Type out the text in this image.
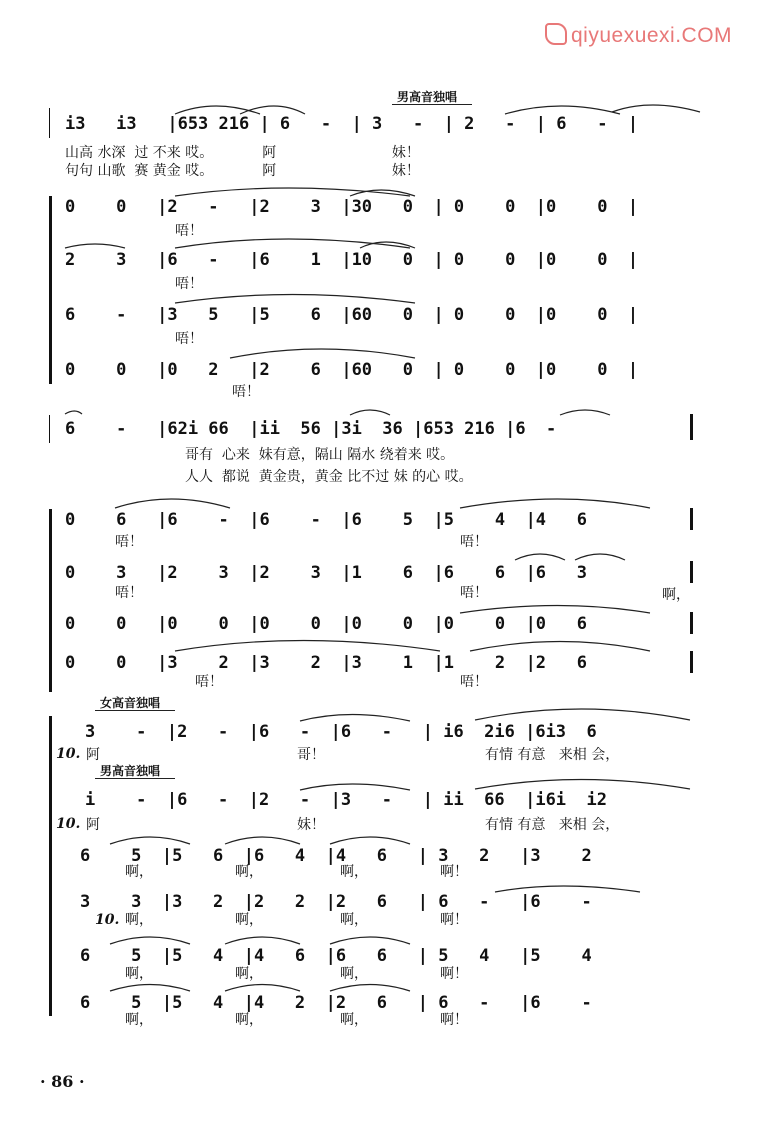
qiyuexuexi.COM
男高音独唱
i3   i3   |653 216 | 6   -  | 3   -  | 2   -  | 6   -  |
山高 水深  过 不来 哎。           阿                          妹！
句句 山歌  赛 黄金 哎。           阿                          妹！
0    0   |2   -   |2    3  |30   0  | 0    0  |0    0  |
唔！
2    3   |6   -   |6    1  |10   0  | 0    0  |0    0  |
唔！
6    -   |3   5   |5    6  |60   0  | 0    0  |0    0  |
唔！
0    0   |0   2   |2    6  |60   0  | 0    0  |0    0  |
唔！
6    -   |62i 66  |ii  56 |3i  36 |653 216 |6  -
哥有  心来  妹有意，隔山 隔水 绕着来 哎。
人人  都说  黄金贵，黄金 比不过 妹 的心 哎。
0    6   |6    -  |6    -  |6    5  |5    4  |4   6
唔！	唔！
0    3   |2    3  |2    3  |1    6  |6    6  |6   3
唔！	唔！	啊，
0    0   |0    0  |0    0  |0    0  |0    0  |0   6
0    0   |3    2  |3    2  |3    1  |1    2  |2   6
唔！	唔！
女高音独唱
3    -  |2   -  |6   -  |6   -   | i6  2i6 |6i3  6
10. 阿	哥！	有情 有意   来相 会，
男高音独唱
i    -  |6   -  |2   -  |3   -   | ii  66  |i6i  i2
10. 阿	妹！	有情 有意   来相 会，
6    5  |5   6  |6   4  |4   6   | 3   2   |3    2
啊，	啊，	啊，	啊！
3    3  |3   2  |2   2  |2   6   | 6   -   |6    -
10. 啊，	啊，	啊，	啊！
6    5  |5   4  |4   6  |6   6   | 5   4   |5    4
啊，	啊，	啊，	啊！
6    5  |5   4  |4   2  |2   6   | 6   -   |6    -
啊，	啊，	啊，	啊！
· 86 ·
